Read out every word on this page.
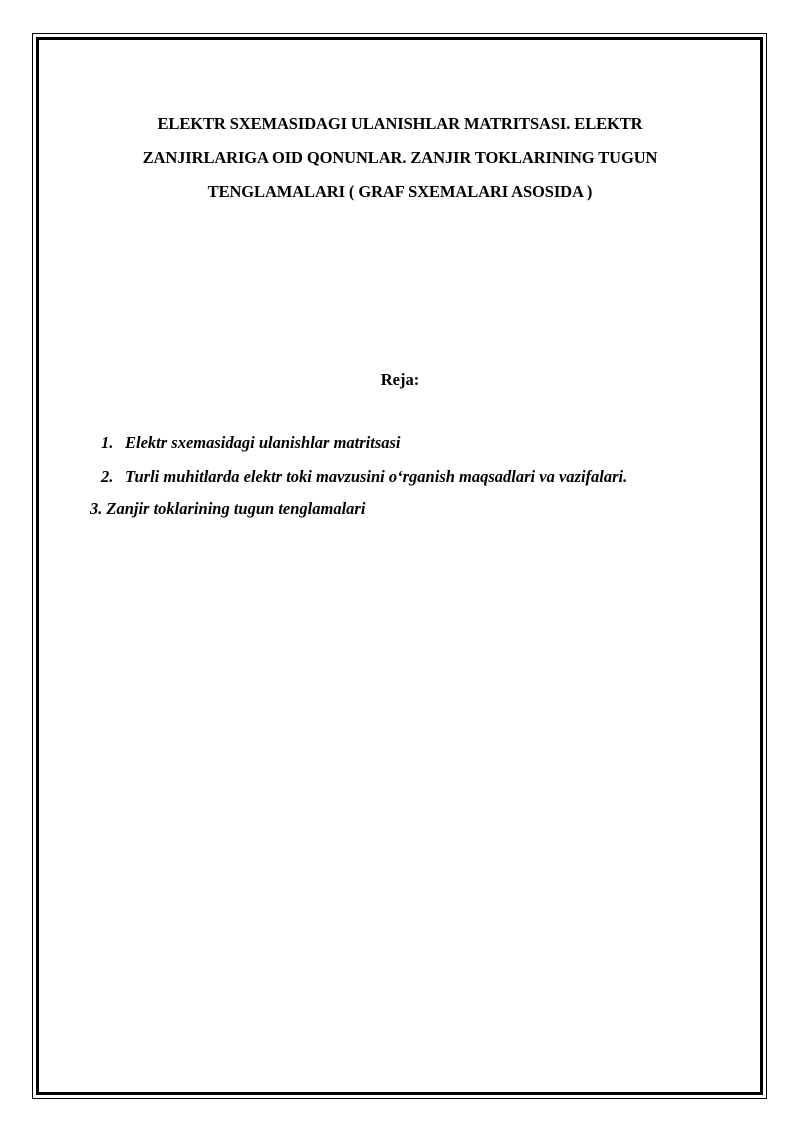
ELEKTR SXEMASIDAGI ULANISHLAR MATRITSASI. ELEKTR
ZANJIRLARIGA OID QONUNLAR. ZANJIR TOKLARINING TUGUN
TENGLAMALARI ( GRAF SXEMALARI ASOSIDA )
Reja:

1. Elektr sxemasidagi ulanishlar matritsasi

2. Turli muhitlarda elektr toki mavzusini o‘rganish maqsadlari va vazifalari.

3. Zanjir toklarining tugun tenglamalari
